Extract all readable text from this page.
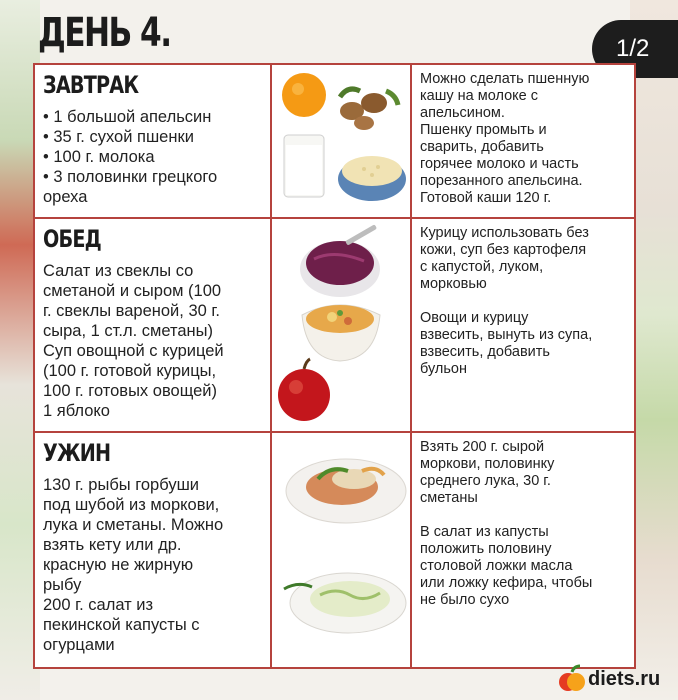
ДЕНЬ 4.	1/2
ЗАВТРАК
• 1 большой апельсин
• 35 г. сухой пшенки
• 100 г. молока
• 3 половинки грецкого
ореха
Можно сделать пшенную
кашу на молоке с
апельсином.
Пшенку промыть и
сварить, добавить
горячее молоко и часть
порезанного апельсина.
Готовой каши 120 г.
ОБЕД
Салат из свеклы со
сметаной и сыром (100
г. свеклы вареной, 30 г.
сыра, 1 ст.л. сметаны)
Суп овощной с курицей
(100 г. готовой курицы,
100 г. готовых овощей)
1 яблоко
Курицу использовать без
кожи, суп без картофеля
с капустой, луком,
морковью
Овощи и курицу
взвесить, вынуть из супа,
взвесить, добавить
бульон
УЖИН
130 г. рыбы горбуши
под шубой из моркови,
лука и сметаны. Можно
взять кету или др.
красную не жирную
рыбу
200 г. салат из
пекинской капусты с
огурцами
Взять 200 г. сырой
моркови, половинку
среднего лука, 30 г.
сметаны
В салат из капусты
положить половину
столовой ложки масла
или ложку кефира, чтобы
не было сухо
diets.ru
